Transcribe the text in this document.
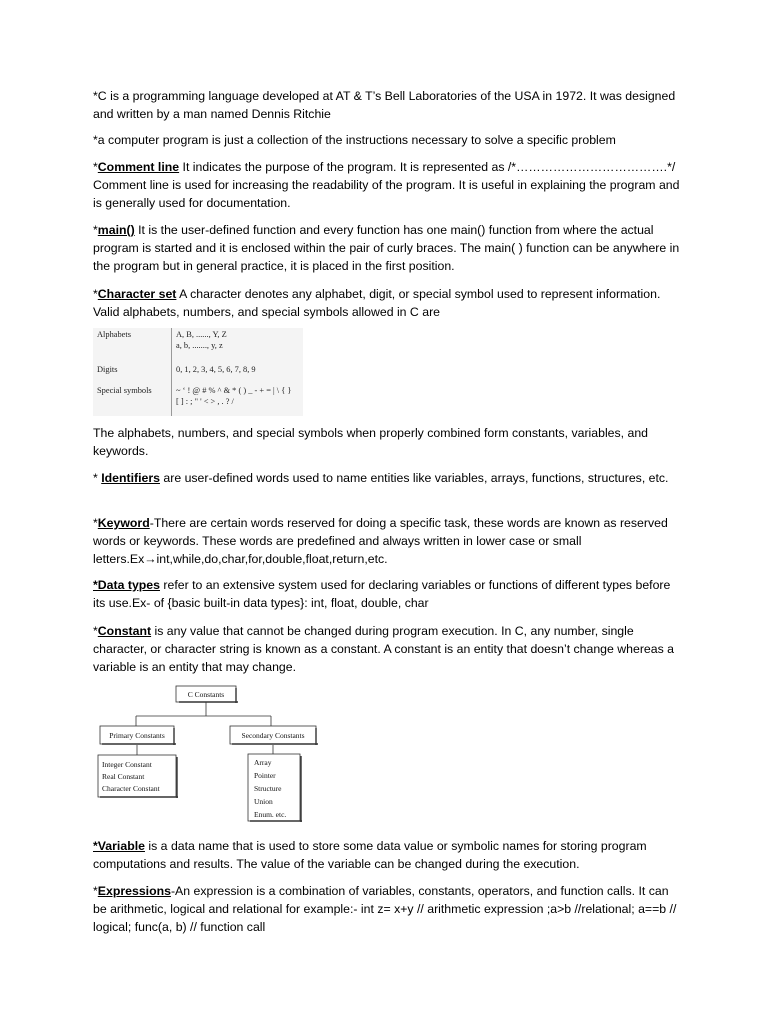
*C is a programming language developed at AT & T’s Bell Laboratories of the USA in 1972. It was designed and written by a man named Dennis Ritchie

*a computer program is just a collection of the instructions necessary to solve a specific problem

*Comment line It indicates the purpose of the program. It is represented as /*……………………………….*/ Comment line is used for increasing the readability of the program. It is useful in explaining the program and is generally used for documentation.

*main() It is the user-defined function and every function has one main() function from where the actual program is started and it is enclosed within the pair of curly braces. The main( ) function can be anywhere in the program but in general practice, it is placed in the first position.

*Character set A character denotes any alphabet, digit, or special symbol used to represent information. Valid alphabets, numbers, and special symbols allowed in C are

Alphabets	A, B, ......, Y, Z
a, b, ......., y, z
Digits	0, 1, 2, 3, 4, 5, 6, 7, 8, 9
Special symbols	~ ‘ ! @ # % ^ & * ( ) _ - + = | \ { }
[ ] : ; " ' < > , . ? /

The alphabets, numbers, and special symbols when properly combined form constants, variables, and keywords.

* Identifiers are user-defined words used to name entities like variables, arrays, functions, structures, etc.

*Keyword-There are certain words reserved for doing a specific task, these words are known as reserved words or keywords. These words are predefined and always written in lower case or small letters.Ex→int,while,do,char,for,double,float,return,etc.

*Data types refer to an extensive system used for declaring variables or functions of different types before its use.Ex- of {basic built-in data types}: int, float, double, char

*Constant is any value that cannot be changed during program execution. In C, any number, single character, or character string is known as a constant. A constant is an entity that doesn’t change whereas a variable is an entity that may change.

C Constants
Primary Constants	Secondary Constants
Integer Constant
Real Constant
Character Constant
Array
Pointer
Structure
Union
Enum. etc.

*Variable is a data name that is used to store some data value or symbolic names for storing program computations and results. The value of the variable can be changed during the execution.

*Expressions-An expression is a combination of variables, constants, operators, and function calls. It can be arithmetic, logical and relational for example:- int z= x+y // arithmetic expression ;a>b //relational; a==b // logical; func(a, b) // function call
